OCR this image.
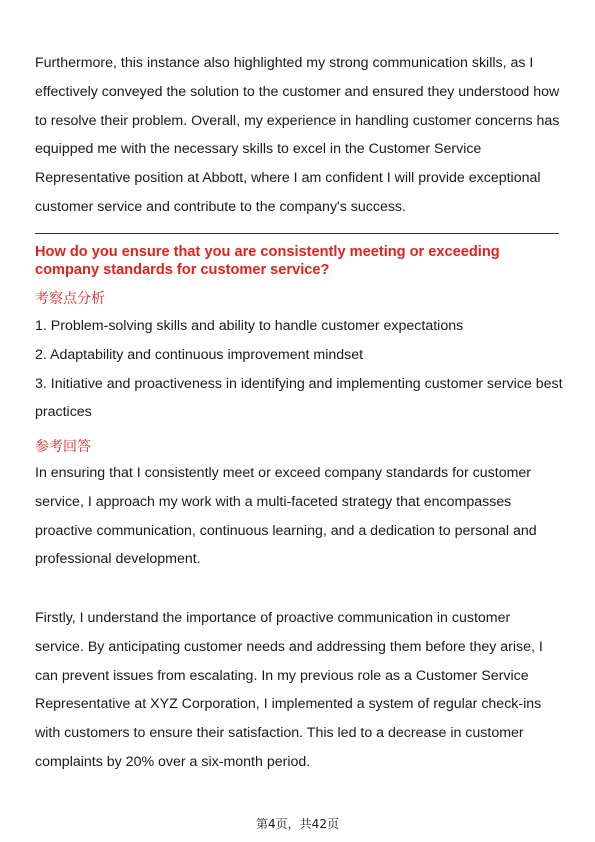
Furthermore, this instance also highlighted my strong communication skills, as I effectively conveyed the solution to the customer and ensured they understood how to resolve their problem. Overall, my experience in handling customer concerns has equipped me with the necessary skills to excel in the Customer Service Representative position at Abbott, where I am confident I will provide exceptional customer service and contribute to the company's success.

How do you ensure that you are consistently meeting or exceeding company standards for customer service?

考察点分析

1. Problem-solving skills and ability to handle customer expectations
2. Adaptability and continuous improvement mindset
3. Initiative and proactiveness in identifying and implementing customer service best practices

参考回答

In ensuring that I consistently meet or exceed company standards for customer service, I approach my work with a multi-faceted strategy that encompasses proactive communication, continuous learning, and a dedication to personal and professional development.

Firstly, I understand the importance of proactive communication in customer service. By anticipating customer needs and addressing them before they arise, I can prevent issues from escalating. In my previous role as a Customer Service Representative at XYZ Corporation, I implemented a system of regular check-ins with customers to ensure their satisfaction. This led to a decrease in customer complaints by 20% over a six-month period.

第4页，共42页
